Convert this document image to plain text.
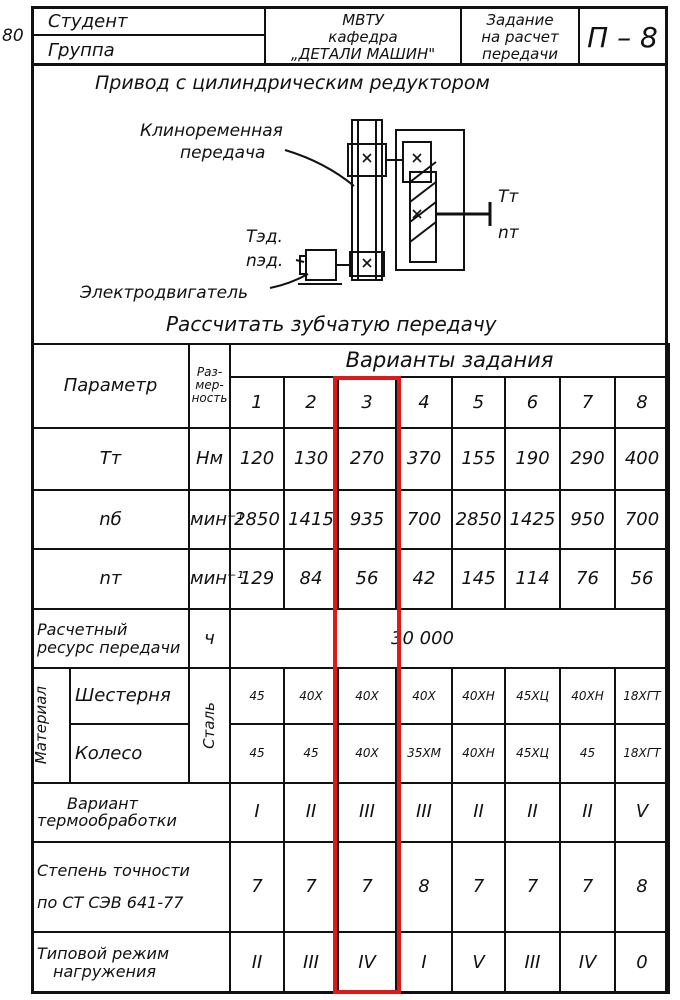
80
Студент
Группа
МВТУ
кафедра
„ДЕТАЛИ МАШИН"
Задание
на расчет
передачи	П – 8
Привод с цилиндрическим редуктором
Клиноременная
передача
Тэд.
nэд.
Электродвигатель
Тт
nт
Рассчитать зубчатую передачу
Параметр		Раз-
мер-
ность	Варианты задания							
			1	2	3	4	5	6	7	8
Тт		Нм	120	130	270	370	155	190	290	400
nб		мин⁻¹	2850	1415	935	700	2850	1425	950	700
nт		мин⁻¹	129	84	56	42	145	114	76	56

Расчетный
ресурс передачи		ч	30 000							

Материал	Шестерня	Сталь	45	40Х	40Х	40Х	40ХН	45ХЦ	40ХН	18ХГТ
	Колесо		45	45	40Х	35ХМ	40ХН	45ХЦ	45	18ХГТ

Вариант
термообработки			I	II	III	III	II	II	II	V

Степень точности
по СТ СЭВ 641-77			7	7	7	8	7	7	7	8

Типовой режим
нагружения			II	III	IV	I	V	III	IV	0
